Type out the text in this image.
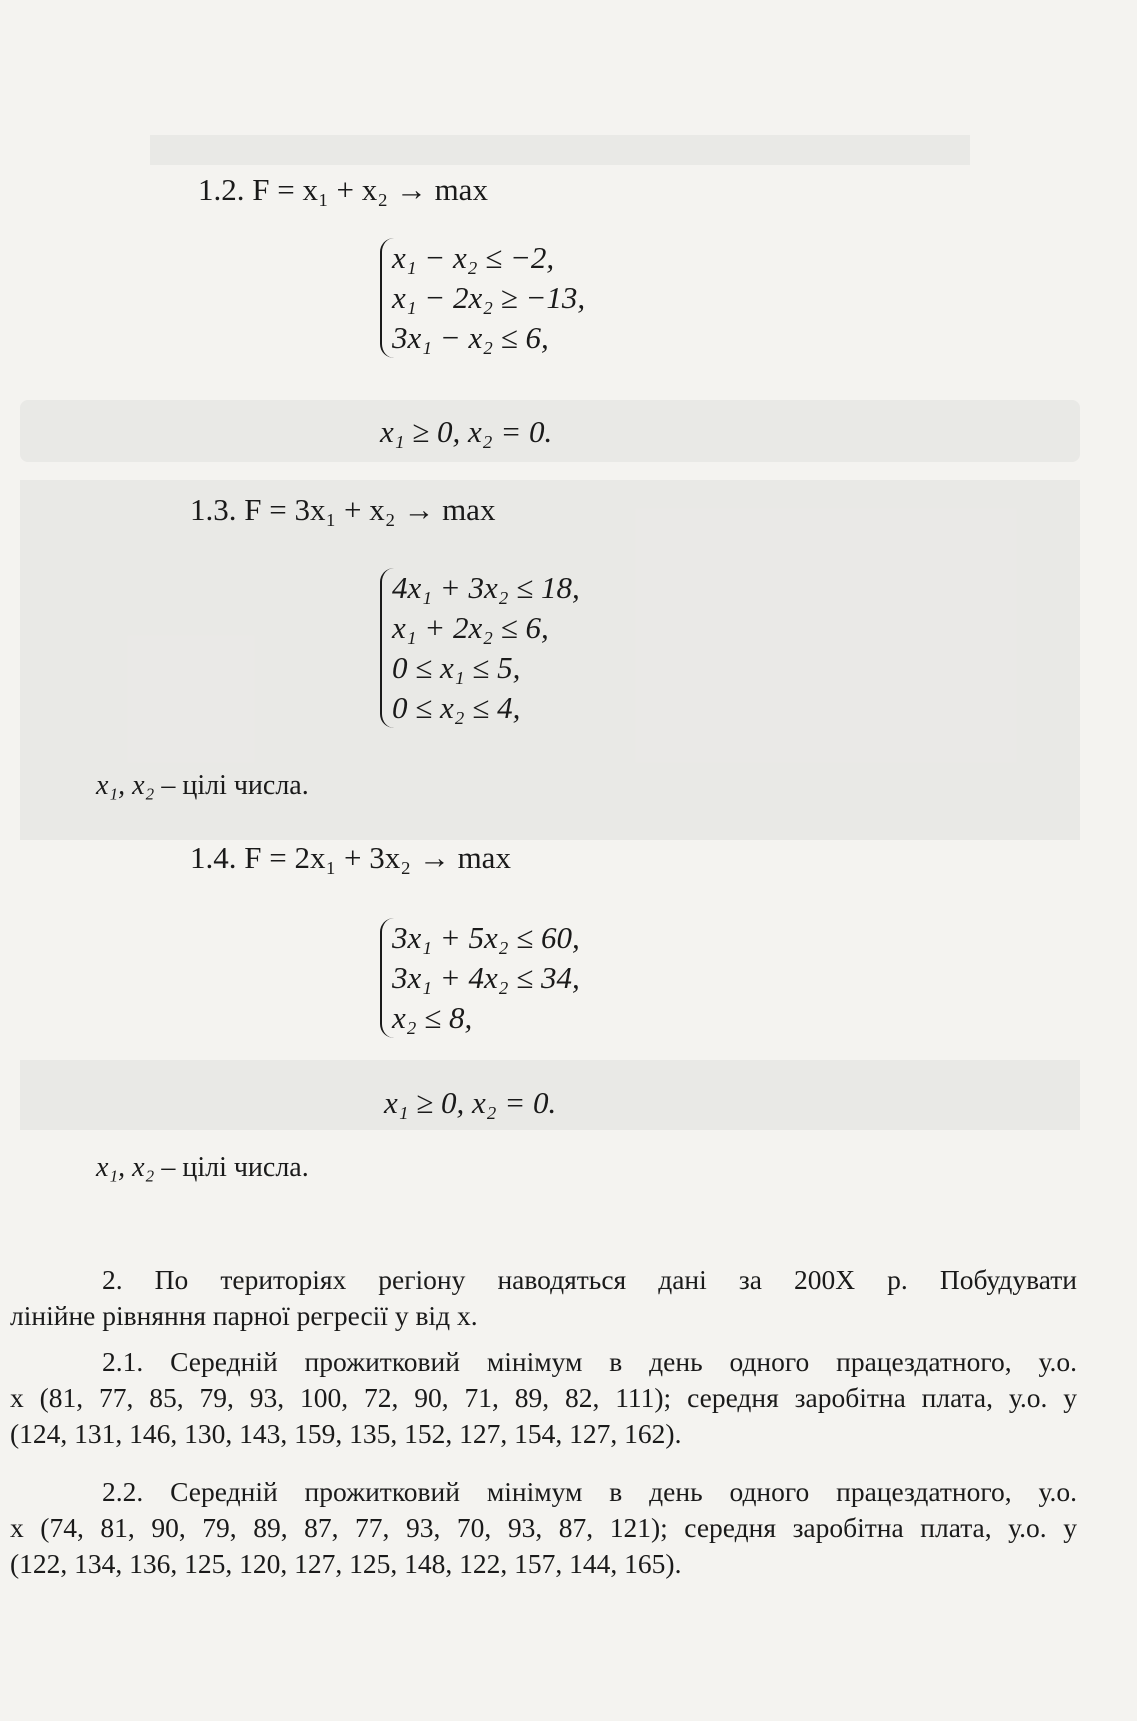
1.2. F = x₁ + x₂ → max
x₁ − x₂ ≤ −2,
x₁ − 2x₂ ≥ −13,
3x₁ − x₂ ≤ 6,
x₁ ≥ 0, x₂ = 0.
1.3. F = 3x₁ + x₂ → max
4x₁ + 3x₂ ≤ 18,
x₁ + 2x₂ ≤ 6,
0 ≤ x₁ ≤ 5,
0 ≤ x₂ ≤ 4,
x₁, x₂ – цілі числа.
1.4. F = 2x₁ + 3x₂ → max
3x₁ + 5x₂ ≤ 60,
3x₁ + 4x₂ ≤ 34,
x₂ ≤ 8,
x₁ ≥ 0, x₂ = 0.
x₁, x₂ – цілі числа.
2. По територіях регіону наводяться дані за 200Х р. Побудувати
лінійне рівняння парної регресії y від x.
2.1. Середній прожитковий мінімум в день одного працездатного, у.о.
x (81, 77, 85, 79, 93, 100, 72, 90, 71, 89, 82, 111); середня заробітна плата, у.о. y
(124, 131, 146, 130, 143, 159, 135, 152, 127, 154, 127, 162).
2.2. Середній прожитковий мінімум в день одного працездатного, у.о.
x (74, 81, 90, 79, 89, 87, 77, 93, 70, 93, 87, 121); середня заробітна плата, у.о. y
(122, 134, 136, 125, 120, 127, 125, 148, 122, 157, 144, 165).
